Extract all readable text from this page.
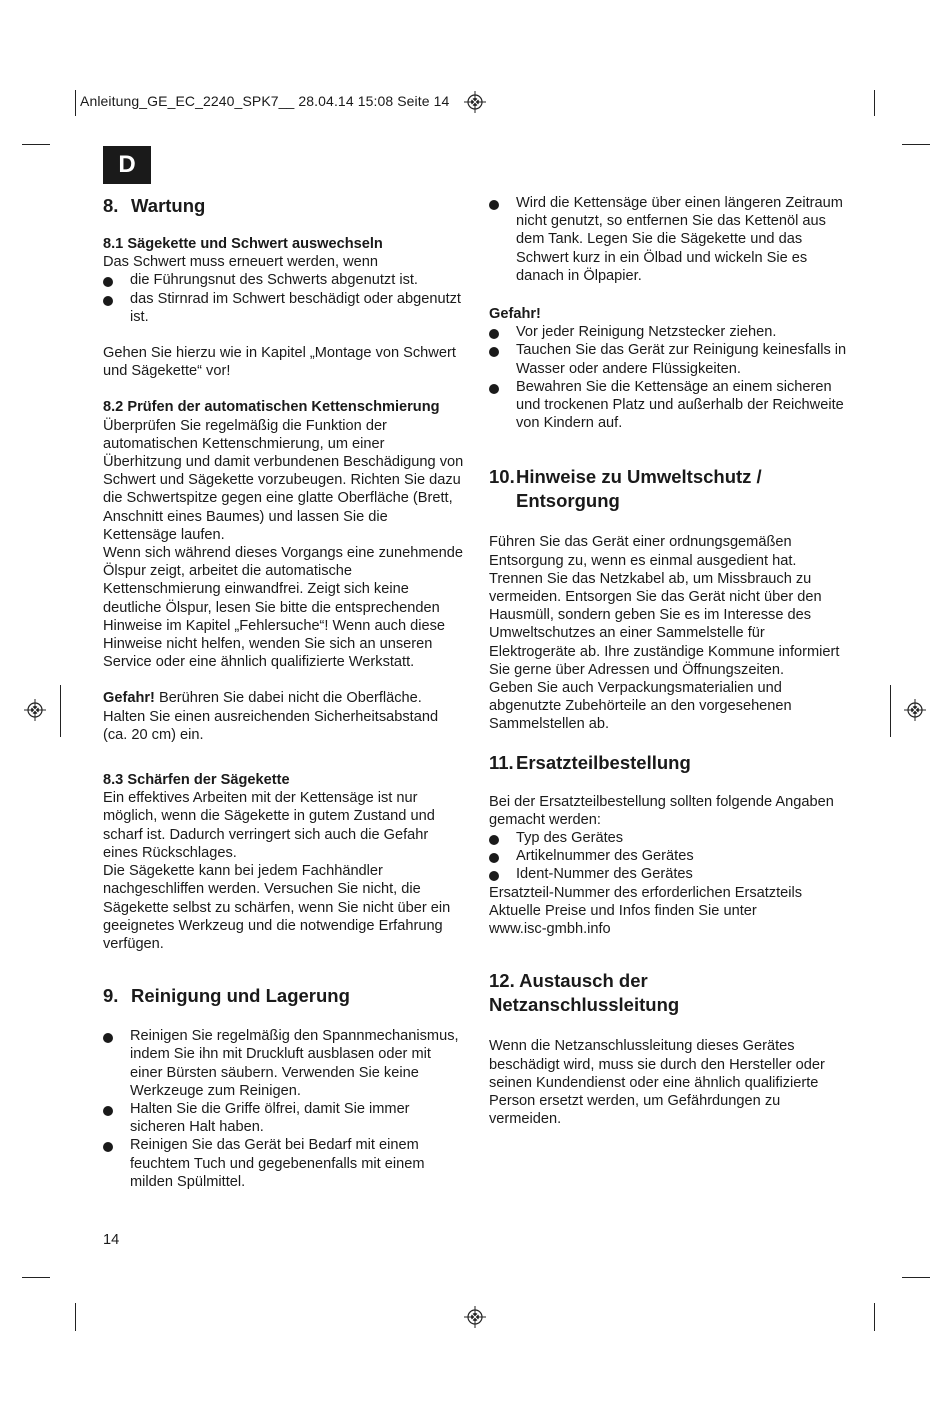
Anleitung_GE_EC_2240_SPK7__ 28.04.14 15:08 Seite 14
D
8. Wartung
8.1 Sägekette und Schwert auswechseln

Das Schwert muss erneuert werden, wenn

die Führungsnut des Schwerts abgenutzt ist.
das Stirnrad im Schwert beschädigt oder abgenutzt ist.

Gehen Sie hierzu wie in Kapitel „Montage von Schwert und Sägekette“ vor!

8.2 Prüfen der automatischen Kettenschmierung

Überprüfen Sie regelmäßig die Funktion der automatischen Kettenschmierung, um einer Überhitzung und damit verbundenen Beschädigung von Schwert und Sägekette vorzubeugen. Richten Sie dazu die Schwertspitze gegen eine glatte Oberfläche (Brett, Anschnitt eines Baumes) und lassen Sie die Kettensäge laufen.

Wenn sich während dieses Vorgangs eine zunehmende Ölspur zeigt, arbeitet die automatische Kettenschmierung einwandfrei. Zeigt sich keine deutliche Ölspur, lesen Sie bitte die entsprechenden Hinweise im Kapitel „Fehlersuche“! Wenn auch diese Hinweise nicht helfen, wenden Sie sich an unseren Service oder eine ähnlich qualifizierte Werkstatt.

Gefahr! Berühren Sie dabei nicht die Oberfläche. Halten Sie einen ausreichenden Sicherheitsabstand (ca. 20 cm) ein.

8.3 Schärfen der Sägekette

Ein effektives Arbeiten mit der Kettensäge ist nur möglich, wenn die Sägekette in gutem Zustand und scharf ist. Dadurch verringert sich auch die Gefahr eines Rückschlages.

Die Sägekette kann bei jedem Fachhändler nachgeschliffen werden. Versuchen Sie nicht, die Sägekette selbst zu schärfen, wenn Sie nicht über ein geeignetes Werkzeug und die notwendige Erfahrung verfügen.

9. Reinigung und Lagerung
Reinigen Sie regelmäßig den Spannmechanismus, indem Sie ihn mit Druckluft ausblasen oder mit einer Bürsten säubern. Verwenden Sie keine Werkzeuge zum Reinigen.
Halten Sie die Griffe ölfrei, damit Sie immer sicheren Halt haben.
Reinigen Sie das Gerät bei Bedarf mit einem feuchtem Tuch und gegebenenfalls mit einem milden Spülmittel.
Wird die Kettensäge über einen längeren Zeitraum nicht genutzt, so entfernen Sie das Kettenöl aus dem Tank. Legen Sie die Sägekette und das Schwert kurz in ein Ölbad und wickeln Sie es danach in Ölpapier.
Gefahr!
Vor jeder Reinigung Netzstecker ziehen.
Tauchen Sie das Gerät zur Reinigung keinesfalls in Wasser oder andere Flüssigkeiten.
Bewahren Sie die Kettensäge an einem sicheren und trockenen Platz und außerhalb der Reichweite von Kindern auf.
10. Hinweise zu Umweltschutz / Entsorgung

Führen Sie das Gerät einer ordnungsgemäßen Entsorgung zu, wenn es einmal ausgedient hat. Trennen Sie das Netzkabel ab, um Missbrauch zu vermeiden. Entsorgen Sie das Gerät nicht über den Hausmüll, sondern geben Sie es im Interesse des Umweltschutzes an einer Sammelstelle für Elektrogeräte ab. Ihre zuständige Kommune informiert Sie gerne über Adressen und Öffnungszeiten.

Geben Sie auch Verpackungsmaterialien und abgenutzte Zubehörteile an den vorgesehenen Sammelstellen ab.

11. Ersatzteilbestellung

Bei der Ersatzteilbestellung sollten folgende Angaben gemacht werden:

Typ des Gerätes
Artikelnummer des Gerätes
Ident-Nummer des Gerätes

Ersatzteil-Nummer des erforderlichen Ersatzteils

Aktuelle Preise und Infos finden Sie unter www.isc-gmbh.info

12. Austausch der Netzanschlussleitung

Wenn die Netzanschlussleitung dieses Gerätes beschädigt wird, muss sie durch den Hersteller oder seinen Kundendienst oder eine ähnlich qualifizierte Person ersetzt werden, um Gefährdungen zu vermeiden.

14
